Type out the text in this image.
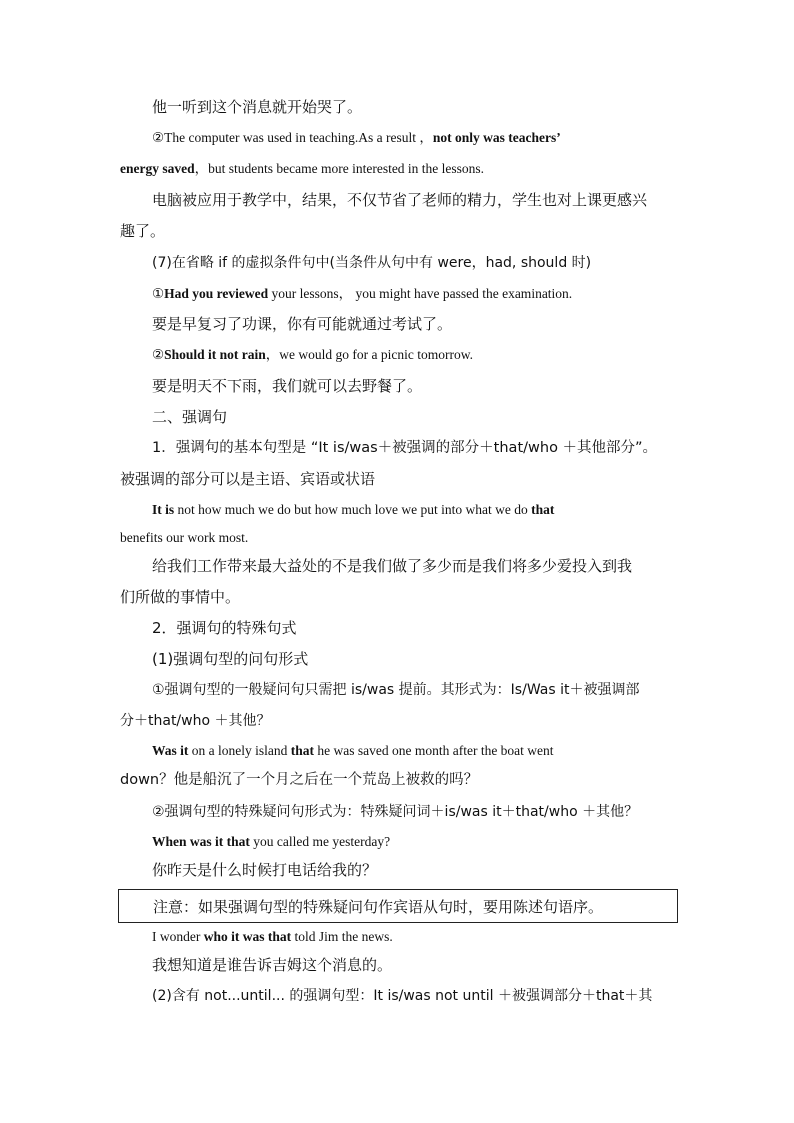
他一听到这个消息就开始哭了。
②The computer was used in teaching.As a result ，not only was teachers’
energy saved，but students became more interested in the lessons.
电脑被应用于教学中，结果，不仅节省了老师的精力，学生也对上课更感兴
趣了。
(7)在省略 if 的虚拟条件句中(当条件从句中有 were，had, should 时)
①Had you reviewed your lessons， you might have passed the examination.
要是早复习了功课，你有可能就通过考试了。
②Should it not rain，we would go for a picnic tomorrow.
要是明天不下雨，我们就可以去野餐了。
二、强调句
1．强调句的基本句型是 “It is/was＋被强调的部分＋that/who ＋其他部分”。
被强调的部分可以是主语、宾语或状语
It is not how much we do but how much love we put into what we do that
benefits our work most.
给我们工作带来最大益处的不是我们做了多少而是我们将多少爱投入到我
们所做的事情中。
2．强调句的特殊句式
(1)强调句型的问句形式
①强调句型的一般疑问句只需把 is/was 提前。其形式为：Is/Was it＋被强调部
分＋that/who ＋其他？
Was it on a lonely island that he was saved one month after the boat went
down？他是船沉了一个月之后在一个荒岛上被救的吗？
②强调句型的特殊疑问句形式为：特殊疑问词＋is/was it＋that/who ＋其他？
When was it that you called me yesterday?
你昨天是什么时候打电话给我的？
注意：如果强调句型的特殊疑问句作宾语从句时，要用陈述句语序。
I wonder who it was that told Jim the news.
我想知道是谁告诉吉姆这个消息的。
(2)含有 not...until... 的强调句型：It is/was not until ＋被强调部分＋that＋其
